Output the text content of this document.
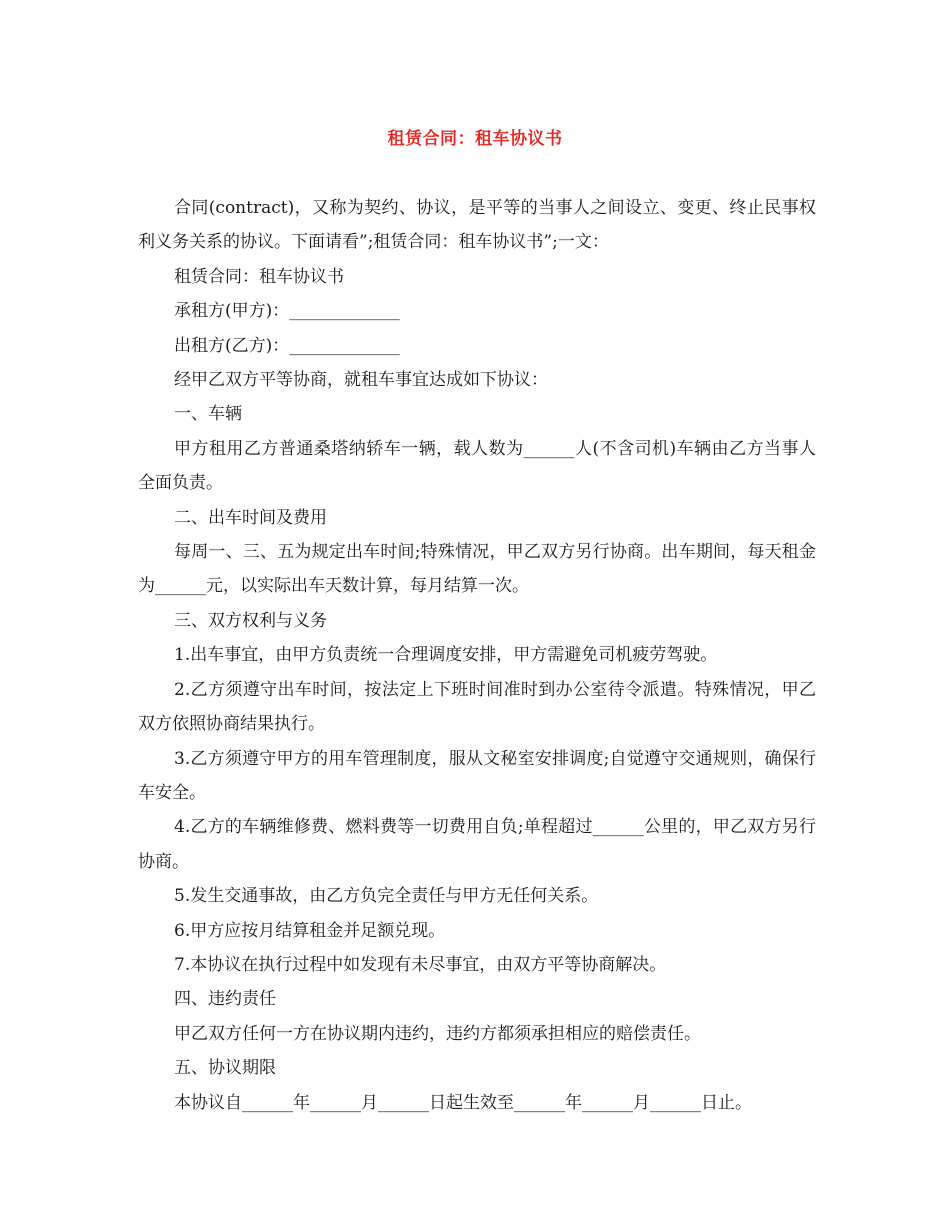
租赁合同：租车协议书

合同(contract)，又称为契约、协议，是平等的当事人之间设立、变更、终止民事权利义务关系的协议。下面请看”;租赁合同：租车协议书”;一文：

租赁合同：租车协议书

承租方(甲方)：_____________

出租方(乙方)：_____________

经甲乙双方平等协商，就租车事宜达成如下协议：

一、车辆

甲方租用乙方普通桑塔纳轿车一辆，载人数为______人(不含司机)车辆由乙方当事人全面负责。

二、出车时间及费用

每周一、三、五为规定出车时间;特殊情况，甲乙双方另行协商。出车期间，每天租金为______元，以实际出车天数计算，每月结算一次。

三、双方权利与义务

1.出车事宜，由甲方负责统一合理调度安排，甲方需避免司机疲劳驾驶。

2.乙方须遵守出车时间，按法定上下班时间准时到办公室待令派遣。特殊情况，甲乙双方依照协商结果执行。

3.乙方须遵守甲方的用车管理制度，服从文秘室安排调度;自觉遵守交通规则，确保行车安全。

4.乙方的车辆维修费、燃料费等一切费用自负;单程超过______公里的，甲乙双方另行协商。

5.发生交通事故，由乙方负完全责任与甲方无任何关系。

6.甲方应按月结算租金并足额兑现。

7.本协议在执行过程中如发现有未尽事宜，由双方平等协商解决。

四、违约责任

甲乙双方任何一方在协议期内违约，违约方都须承担相应的赔偿责任。

五、协议期限

本协议自______年______月______日起生效至______年______月______日止。
